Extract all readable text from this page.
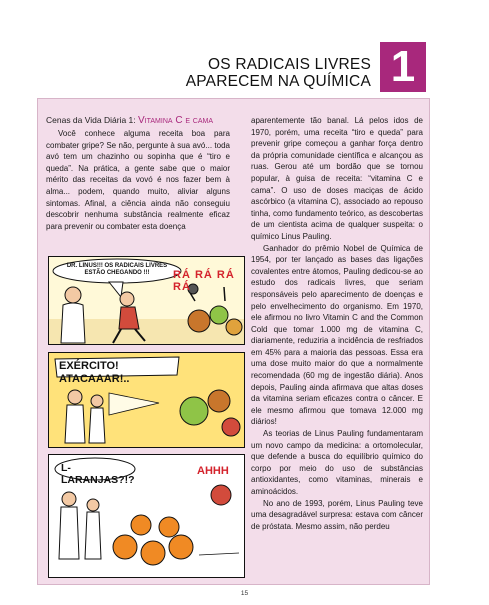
OS RADICAIS LIVRES
APARECEM NA QUÍMICA 1
Cenas da Vida Diária 1: Vitamina C e cama

Você conhece alguma receita boa para combater gripe? Se não, pergunte à sua avó... toda avó tem um chazinho ou sopinha que é “tiro e queda”. Na prática, a gente sabe que o maior mérito das receitas da vovó é nos fazer bem à alma... podem, quando muito, aliviar alguns sintomas. Afinal, a ciência ainda não conseguiu descobrir nenhuma substância realmente eficaz para prevenir ou combater esta doença

aparentemente tão banal. Lá pelos idos de 1970, porém, uma receita “tiro e queda” para prevenir gripe começou a ganhar força dentro da própria comunidade científica e alcançou as ruas. Gerou até um bordão que se tornou popular, à guisa de receita: “vitamina C e cama”. O uso de doses maciças de ácido ascórbico (a vitamina C), associado ao repouso tinha, como fundamento teórico, as descobertas de um cientista acima de qualquer suspeita: o químico Linus Pauling.

Ganhador do prêmio Nobel de Química de 1954, por ter lançado as bases das ligações covalentes entre átomos, Pauling dedicou-se ao estudo dos radicais livres, que seriam responsáveis pelo aparecimento de doenças e pelo envelhecimento do organismo. Em 1970, ele afirmou no livro Vitamin C and the Common Cold que tomar 1.000 mg de vitamina C, diariamente, reduziria a incidência de resfriados em 45% para a maioria das pessoas. Essa era uma dose muito maior do que a normalmente recomendada (60 mg de ingestão diária). Anos depois, Pauling ainda afirmava que altas doses da vitamina seriam eficazes contra o câncer. E ele mesmo afirmou que tomava 12.000 mg diários!

As teorias de Linus Pauling fundamentaram um novo campo da medicina: a ortomolecular, que defende a busca do equilíbrio químico do corpo por meio do uso de substâncias antioxidantes, como vitaminas, minerais e aminoácidos.

No ano de 1993, porém, Linus Pauling teve uma desagradável surpresa: estava com câncer de próstata. Mesmo assim, não perdeu

DR. LINUS!!! OS RADICAIS LIVRES ESTÃO CHEGANDO !!!	RÁ RÁ RÁ RÁ
EXÉRCITO! ATACAAAR!..
L-LARANJAS?!?
AHHH
15
